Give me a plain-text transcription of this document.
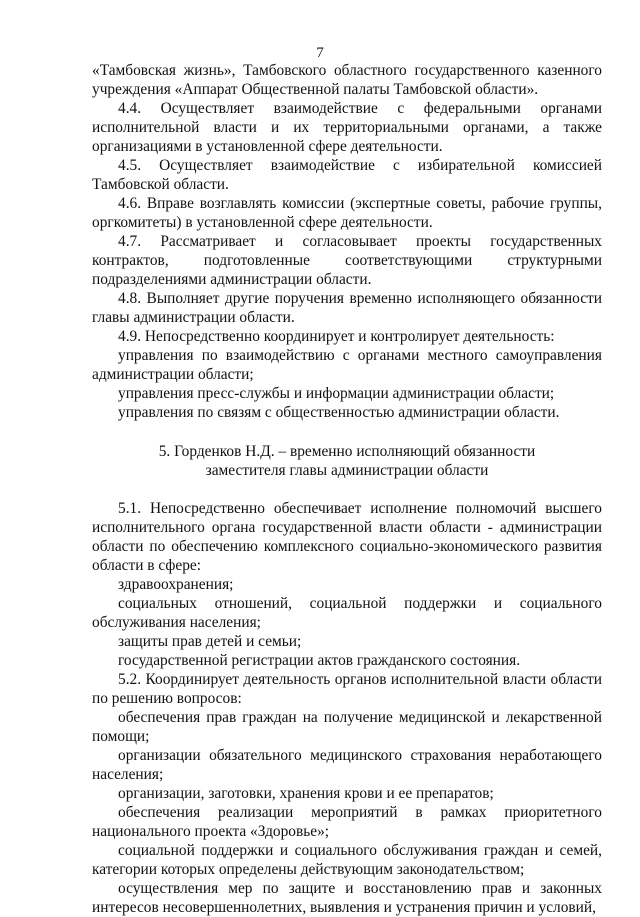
7

«Тамбовская жизнь», Тамбовского областного государственного казенного учреждения «Аппарат Общественной палаты Тамбовской области».

4.4. Осуществляет взаимодействие с федеральными органами исполнительной власти и их территориальными органами, а также организациями в установленной сфере деятельности.

4.5. Осуществляет взаимодействие с избирательной комиссией Тамбовской области.

4.6. Вправе возглавлять комиссии (экспертные советы, рабочие группы, оргкомитеты) в установленной сфере деятельности.

4.7. Рассматривает и согласовывает проекты государственных контрактов, подготовленные соответствующими структурными подразделениями администрации области.

4.8. Выполняет другие поручения временно исполняющего обязанности главы администрации области.

4.9. Непосредственно координирует и контролирует деятельность:

управления по взаимодействию с органами местного самоуправления администрации области;

управления пресс-службы и информации администрации области;

управления по связям с общественностью администрации области.

5. Горденков Н.Д. – временно исполняющий обязанности

заместителя главы администрации области

5.1. Непосредственно обеспечивает исполнение полномочий высшего исполнительного органа государственной власти области - администрации области по обеспечению комплексного социально-экономического развития области в сфере:

здравоохранения;

социальных отношений, социальной поддержки и социального обслуживания населения;

защиты прав детей и семьи;

государственной регистрации актов гражданского состояния.

5.2. Координирует деятельность органов исполнительной власти области по решению вопросов:

обеспечения прав граждан на получение медицинской и лекарственной помощи;

организации обязательного медицинского страхования неработающего населения;

организации, заготовки, хранения крови и ее препаратов;

обеспечения реализации мероприятий в рамках приоритетного национального проекта «Здоровье»;

социальной поддержки и социального обслуживания граждан и семей, категории которых определены действующим законодательством;

осуществления мер по защите и восстановлению прав и законных интересов несовершеннолетних, выявления и устранения причин и условий,
